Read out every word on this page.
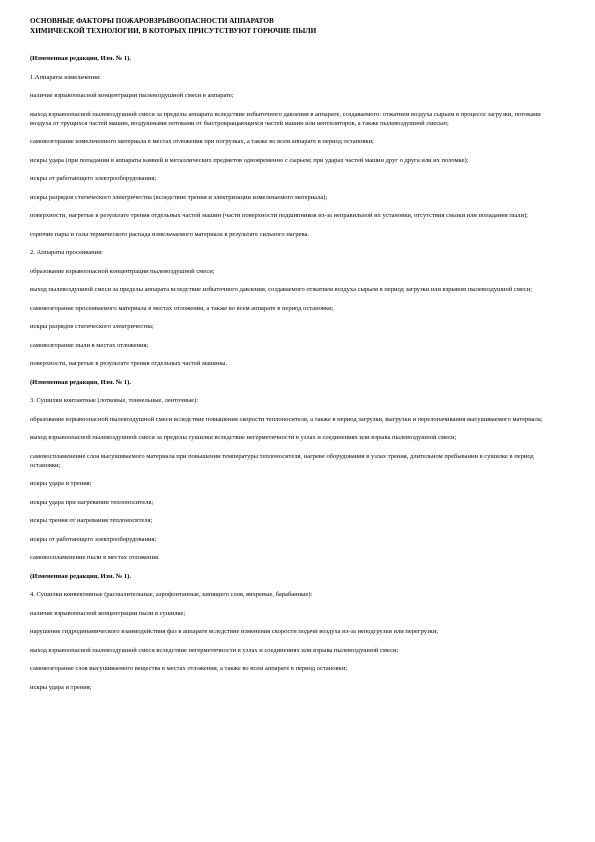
ОСНОВНЫЕ ФАКТОРЫ ПОЖАРОВЗРЫВООПАСНОСТИ АППАРАТОВ
ХИМИЧЕСКОЙ ТЕХНОЛОГИИ, В КОТОРЫХ ПРИСУТСТВУЮТ ГОРЮЧИЕ ПЫЛИ

(Измененная редакция, Изм. № 1).

1.Аппараты измельчения:

наличие взрывоопасной концентрации пылевоздушной смеси в аппарате;

выход взрывоопасной пылевоздушной смеси за пределы аппарата вследствие избыточного давления в аппарате, создаваемого: отжатием воздуха сырьем в процессе загрузки, потоками воздуха от трущихся частей машин, воздушными потоками от быстровращающихся частей машин или вентиляторов, а также пылевоздушной смесью;

самовозгорание измельченного материала в местах отложения при погрузках, а также во всем аппарате в период остановки;

искры удара (при попадании в аппараты камней и металлических предметов одновременно с сырьем; при ударах частей машин друг о друга или их поломке);

искры от работающего электрооборудования;

искры разрядов статического электричества (вследствие трения и электризации измельчаемого материала);

поверхности, нагретые в результате трения отдельных частей машин (части поверхности подшипников из-за неправильной их установки, отсутствия смазки или попадания пыли);

горючие пары и газы термического распада измельчаемого материала в результате сильного нагрева.

2. Аппараты просеивания:

образование взрывоопасной концентрации пылевоздушной смеси;

выход пылевоздушной смеси за пределы аппарата вследствие избыточного давления, создаваемого отжатием воздуха сырьем в период загрузки или взрывом пылевоздушной смеси;

самовозгорание просеиваемого материала в местах отложения, а также во всем аппарате в период остановки;

искры разрядов статического электричества;

самовозгорание пыли в местах отложения;

поверхности, нагретые в результате трения отдельных частей машины.

(Измененная редакция, Изм. № 1).

3. Сушилки контактные (лотковые, тоннельные, ленточные):

образование взрывоопасной пылевоздушной смеси вследствие повышения скорости теплоносителя, а также в период загрузки, выгрузки и перелопачивания высушиваемого материала;

выход взрывоопасной пылевоздушной смеси за пределы сушилки вследствие негерметичности в узлах и соединениях или взрыва пылевоздушной смеси;

самовоспламенение слоя высушиваемого материала при повышении температуры теплоносителя, нагреве оборудования в узлах трения, длительном пребывании в сушилке в период остановки;

искры удара и трения;

искры удара при нагревании теплоносителя;

искры трения от нагревания теплоносителя;

искры от работающего электрооборудования;

самовоспламенение пыли в местах отложения.

(Измененная редакция, Изм. № 1).

4. Сушилки конвективные (распылительные, аэрофонтанные, кипящего слоя, вихревые, барабанные):

наличие взрывоопасной концентрации пыли в сушилке;

нарушение гидродинамического взаимодействия фаз в аппарате вследствие изменения скорости подачи воздуха из-за неподгрузки или перегрузки;

выход взрывоопасной пылевоздушной смеси вследствие негерметичности в узлах и соединениях или взрыва пылевоздушной смеси;

самовозгорание слоя высушиваемого вещества в местах отложения, а также во всем аппарате в период остановки;

искры удара и трения;
